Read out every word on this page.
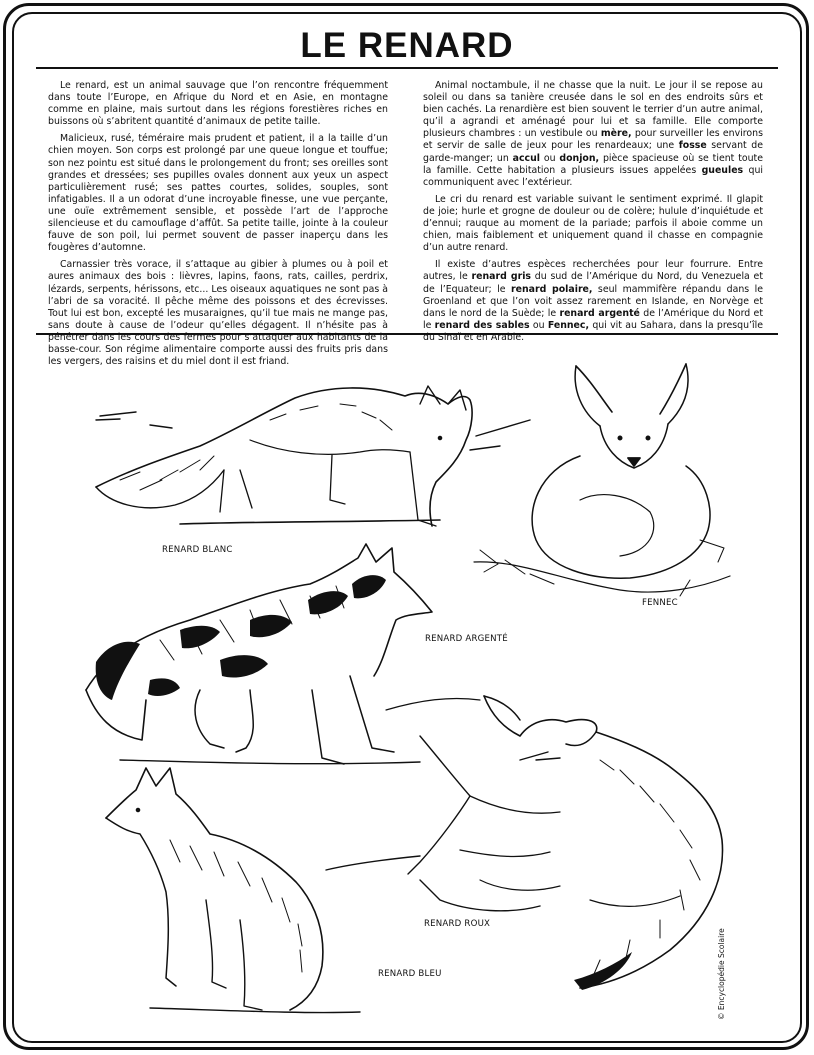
LE RENARD

Le renard, est un animal sauvage que l’on rencontre fréquemment dans toute l’Europe, en Afrique du Nord et en Asie, en montagne comme en plaine, mais surtout dans les régions forestières riches en buissons où s’abritent quantité d’animaux de petite taille.

Malicieux, rusé, téméraire mais prudent et patient, il a la taille d’un chien moyen. Son corps est prolongé par une queue longue et touffue; son nez pointu est situé dans le prolongement du front; ses oreilles sont grandes et dressées; ses pupilles ovales donnent aux yeux un aspect particulièrement rusé; ses pattes courtes, solides, souples, sont infatigables. Il a un odorat d’une incroyable finesse, une vue perçante, une ouïe extrêmement sensible, et possède l’art de l’approche silencieuse et du camouflage d’affût. Sa petite taille, jointe à la couleur fauve de son poil, lui permet souvent de passer inaperçu dans les fougères d’automne.

Carnassier très vorace, il s’attaque au gibier à plumes ou à poil et aures animaux des bois : lièvres, lapins, faons, rats, cailles, perdrix, lézards, serpents, hérissons, etc... Les oiseaux aquatiques ne sont pas à l’abri de sa voracité. Il pêche même des poissons et des écrevisses. Tout lui est bon, excepté les musaraignes, qu’il tue mais ne mange pas, sans doute à cause de l’odeur qu’elles dégagent. Il n’hésite pas à pénétrer dans les cours des fermes pour s’attaquer aux habitants de la basse-cour. Son régime alimentaire comporte aussi des fruits pris dans les vergers, des raisins et du miel dont il est friand.

Animal noctambule, il ne chasse que la nuit. Le jour il se repose au soleil ou dans sa tanière creusée dans le sol en des endroits sûrs et bien cachés. La renardière est bien souvent le terrier d’un autre animal, qu’il a agrandi et aménagé pour lui et sa famille. Elle comporte plusieurs chambres : un vestibule ou mère, pour surveiller les environs et servir de salle de jeux pour les renardeaux; une fosse servant de garde-manger; un accul ou donjon, pièce spacieuse où se tient toute la famille. Cette habitation a plusieurs issues appelées gueules qui communiquent avec l’extérieur.

Le cri du renard est variable suivant le sentiment exprimé. Il glapit de joie; hurle et grogne de douleur ou de colère; hulule d’inquiétude et d’ennui; rauque au moment de la pariade; parfois il aboie comme un chien, mais faiblement et uniquement quand il chasse en compagnie d’un autre renard.

Il existe d’autres espèces recherchées pour leur fourrure. Entre autres, le renard gris du sud de l’Amérique du Nord, du Venezuela et de l’Equateur; le renard polaire, seul mammifère répandu dans le Groenland et que l’on voit assez rarement en Islande, en Norvège et dans le nord de la Suède; le renard argenté de l’Amérique du Nord et le renard des sables ou Fennec, qui vit au Sahara, dans la presqu’île du Sinaï et en Arabie.

RENARD BLANC
FENNEC
RENARD ARGENTÉ
RENARD ROUX
RENARD BLEU	© Encyclopédie Scolaire
